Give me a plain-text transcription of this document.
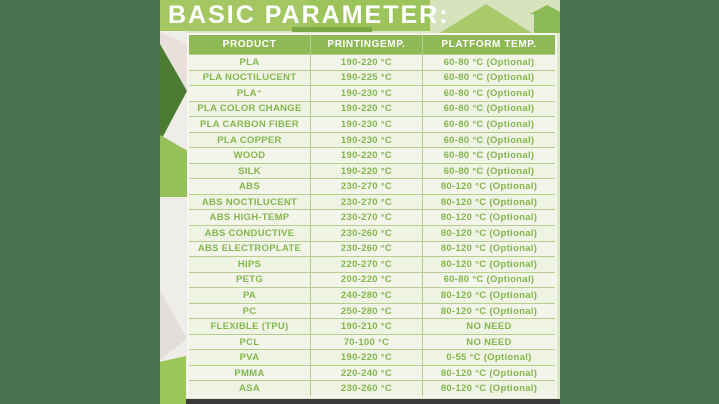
BASIC PARAMETER:
PRODUCT	PRINTINGEMP.	PLATFORM TEMP.
PLA	190-220 °C	60-80 °C (Optional)
PLA NOCTILUCENT	190-225 °C	60-80 °C (Optional)
PLA⁺	190-230 °C	60-80 °C (Optional)
PLA COLOR CHANGE	190-220 °C	60-80 °C (Optional)
PLA CARBON FIBER	190-230 °C	60-80 °C (Optional)
PLA COPPER	190-230 °C	60-80 °C (Optional)
WOOD	190-220 °C	60-80 °C (Optional)
SILK	190-220 °C	60-80 °C (Optional)
ABS	230-270 °C	80-120 °C (Optional)
ABS NOCTILUCENT	230-270 °C	80-120 °C (Optional)
ABS HIGH-TEMP	230-270 °C	80-120 °C (Optional)
ABS CONDUCTIVE	230-260 °C	80-120 °C (Optional)
ABS ELECTROPLATE	230-260 °C	80-120 °C (Optional)
HIPS	220-270 °C	80-120 °C (Optional)
PETG	200-220 °C	60-80 °C (Optional)
PA	240-280 °C	80-120 °C (Optional)
PC	250-280 °C	80-120 °C (Optional)
FLEXIBLE (TPU)	190-210 °C	NO NEED
PCL	70-100 °C	NO NEED
PVA	190-220 °C	0-55 °C (Optional)
PMMA	220-240 °C	80-120 °C (Optional)
ASA	230-260 °C	80-120 °C (Optional)
